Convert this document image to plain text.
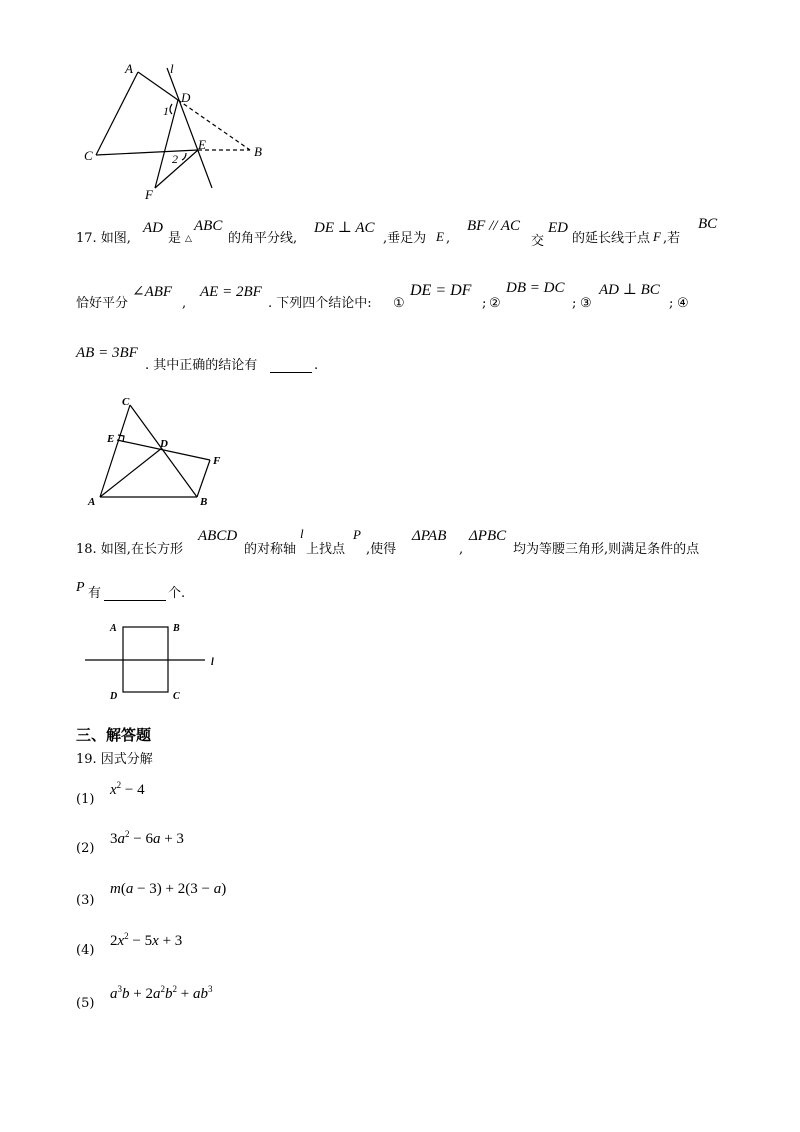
A	l
D
1
E	B
C	2
F
17. 如图,
AD
是 △
ABC
的角平分线,
DE ⊥ AC
,垂足为 E ,
BF // AC
交
ED
的延长线于点 F ,若
BC
恰好平分
∠ABF
,
AE = 2BF
. 下列四个结论中: ①
DE = DF
; ②
DB = DC
; ③
AD ⊥ BC
; ④
AB = 3BF
. 其中正确的结论有	.
C
E	D
F
A	B
18. 如图,在长方形
ABCD
的对称轴
l
上找点
P
,使得
ΔPAB
,
ΔPBC
均为等腰三角形,则满足条件的点
P 有	个.
A	B
l
D	C
三、解答题
19. 因式分解
(1)
$x^2 - 4$
(2)
$3a^2 - 6a + 3$
(3)
m(a − 3) + 2(3 − a)
(4)
$2x^2 - 5x + 3$
(5)
$a^3b + 2a^2b^2 + ab^3$
